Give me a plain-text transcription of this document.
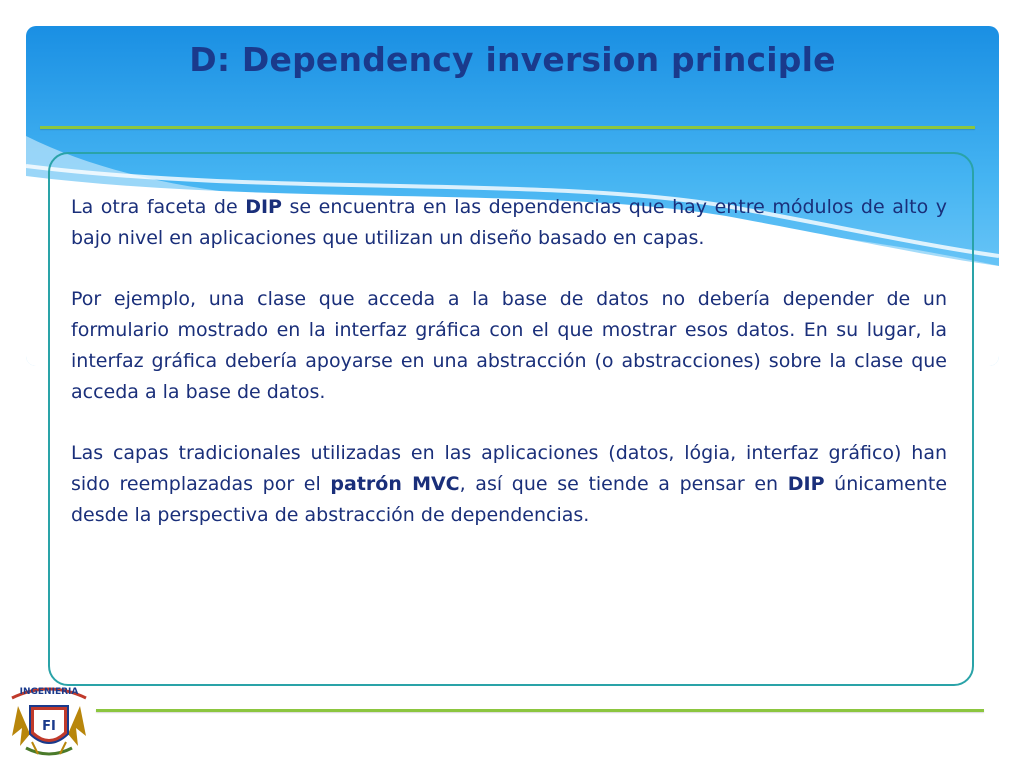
D: Dependency inversion principle

La otra faceta de DIP se encuentra en las dependencias que hay entre módulos de alto y bajo nivel en aplicaciones que utilizan un diseño basado en capas.

Por ejemplo, una clase que acceda a la base de datos no debería depender de un formulario mostrado en la interfaz gráfica con el que mostrar esos datos. En su lugar, la interfaz gráfica debería apoyarse en una abstracción (o abstracciones) sobre la clase que acceda a la base de datos.

Las capas tradicionales utilizadas en las aplicaciones (datos, lógia, interfaz gráfico) han sido reemplazadas por el patrón MVC, así que se tiende a pensar en DIP únicamente desde la perspectiva de abstracción de dependencias.

INGENIERIA
FI
